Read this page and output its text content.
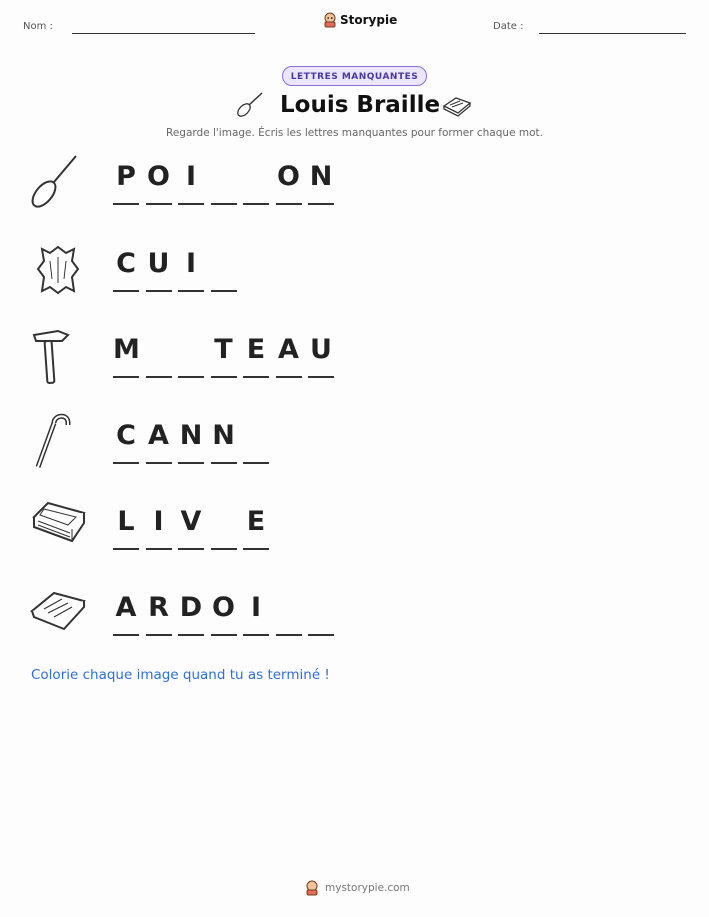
Nom :	Storypie	Date :
LETTRES MANQUANTES
Louis Braille
Regarde l'image. Écris les lettres manquantes pour former chaque mot.
P O I	O N
C U I
M	T E A U
C A N N
L I V E
A R D O I
Colorie chaque image quand tu as terminé !
mystorypie.com
